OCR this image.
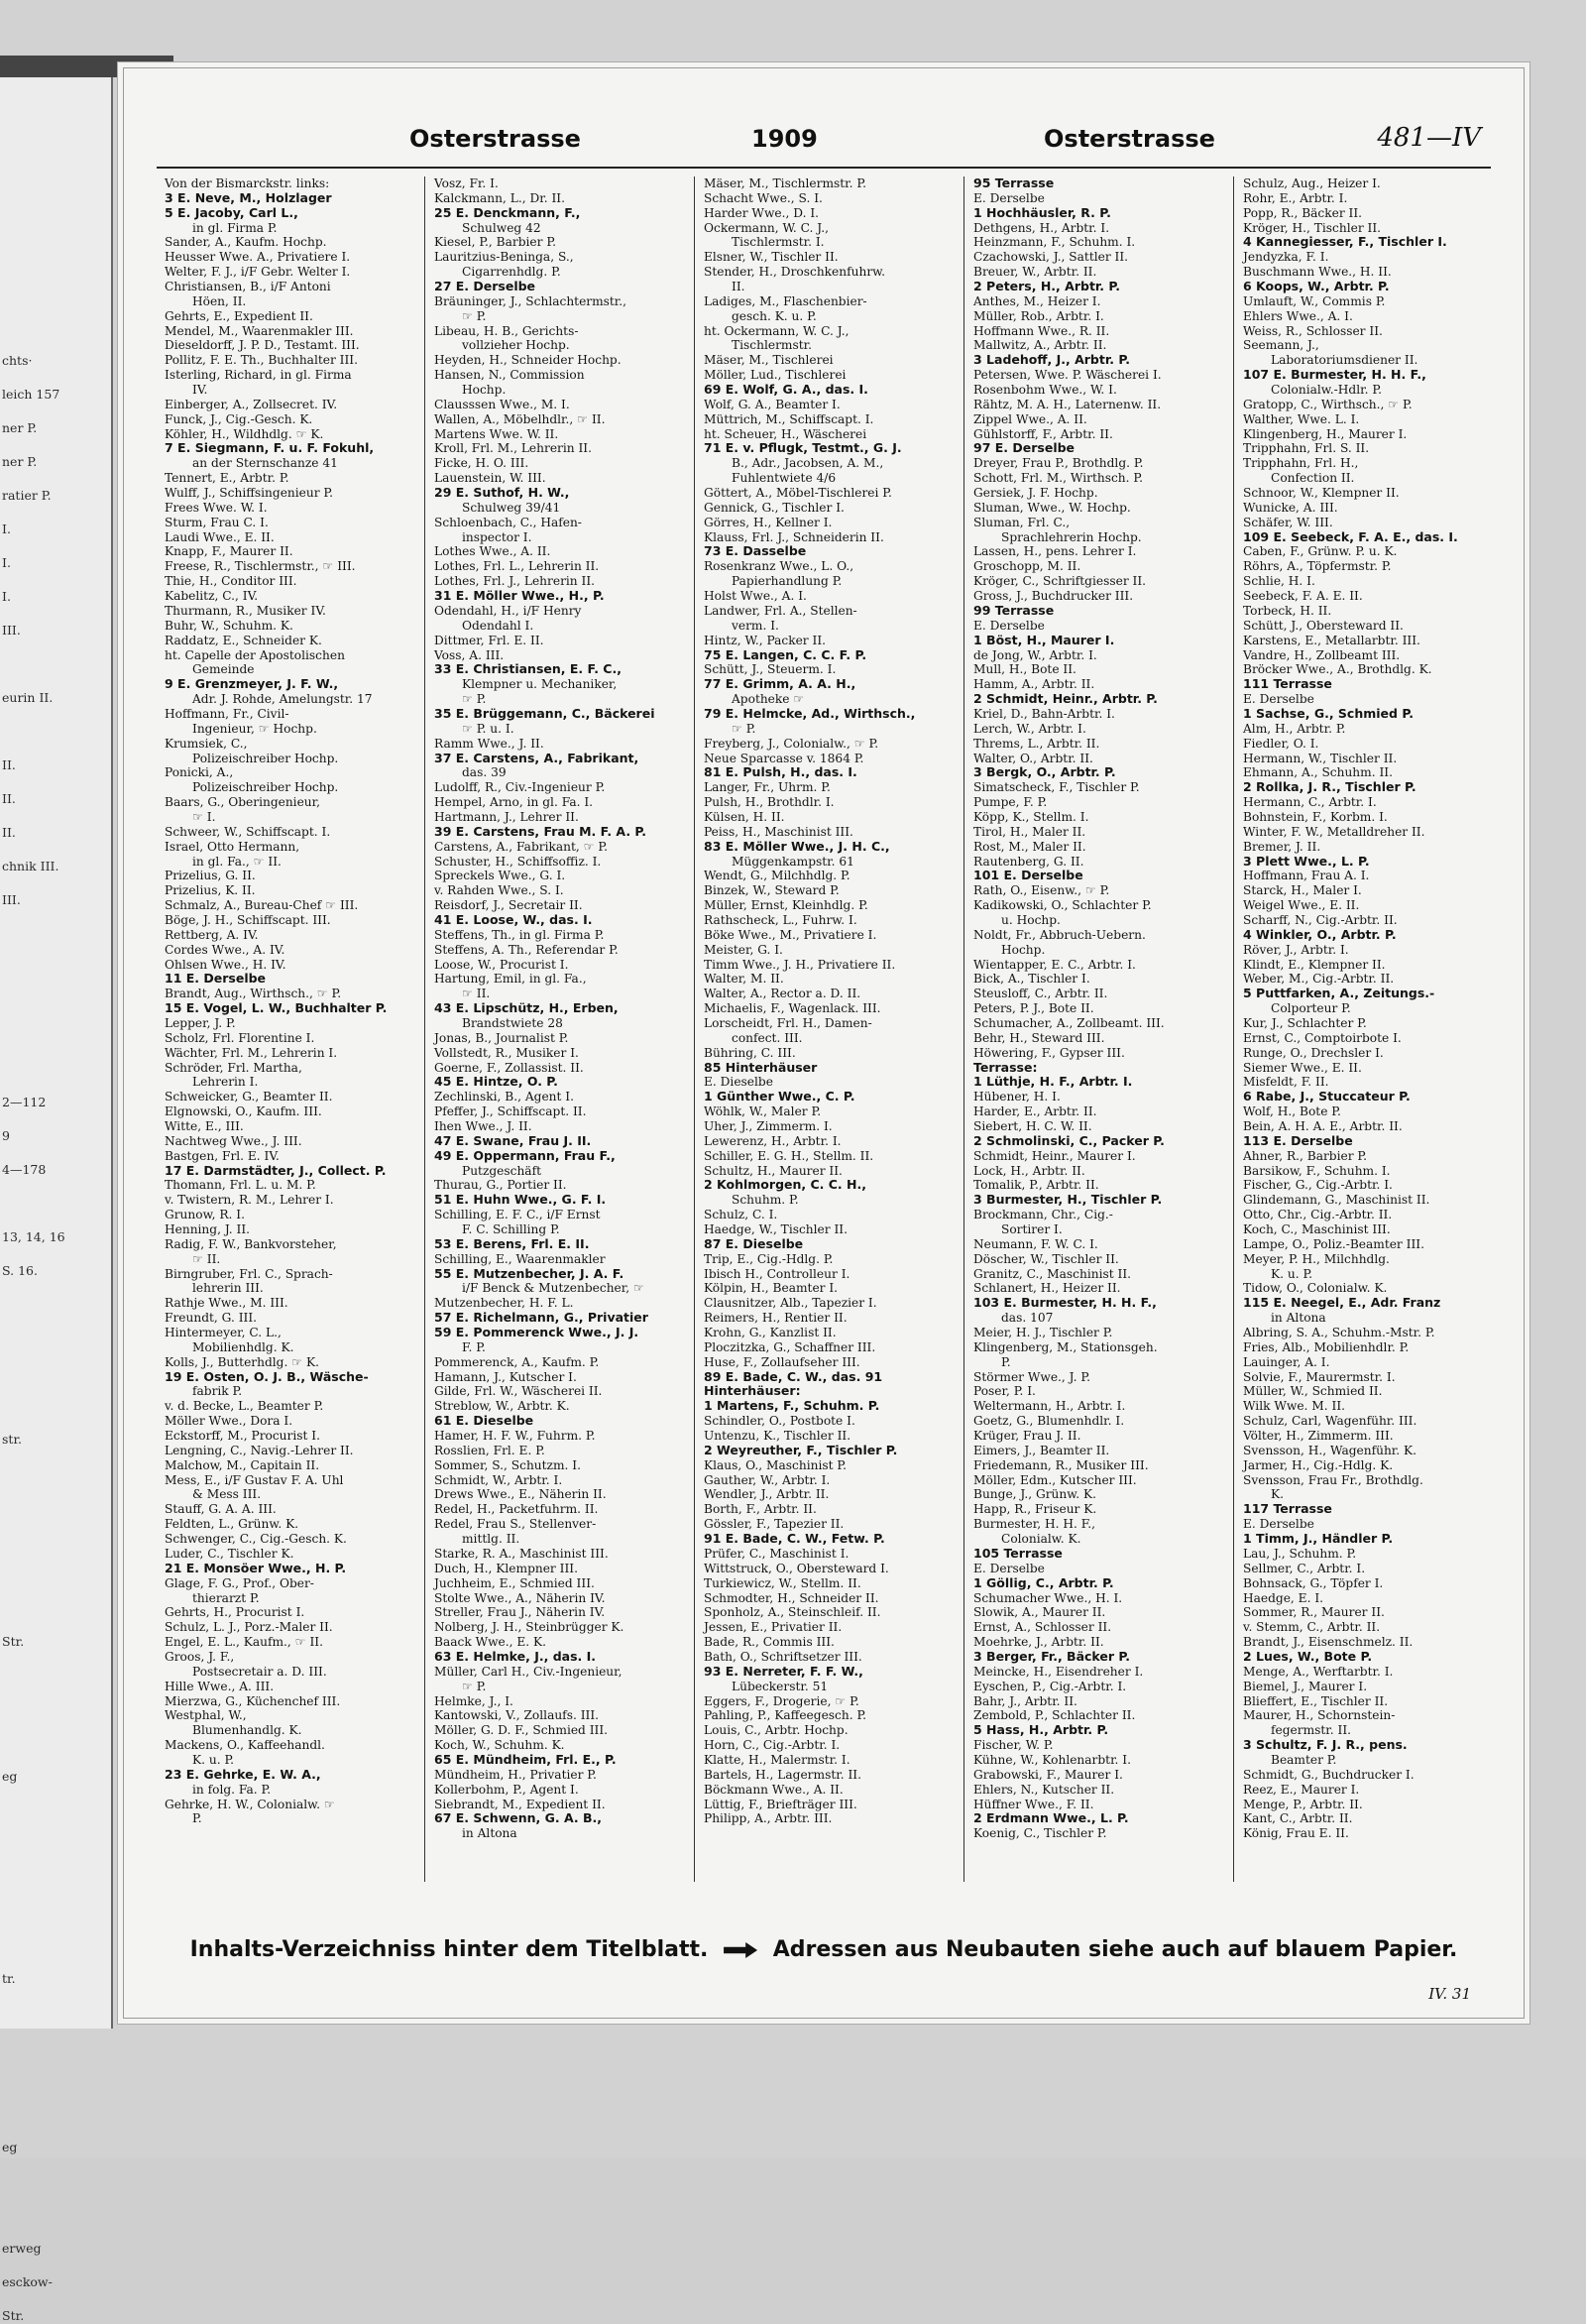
chts·
leich 157
ner P.
ner P.
ratier P.
I.
I.
I.
III.
eurin II.
II.
II.
II.
chnik III.
III.
2—112
9
4—178
13, 14, 16
S. 16.
str.
Str.
eg
tr.
eg
erweg
esckow-
Str.
Osterstrasse	1909	Osterstrasse	481—IV
Von der Bismarckstr. links:
3 E. Neve, M., Holzlager
5 E. Jacoby, Carl L.,
in gl. Firma P.
Sander, A., Kaufm. Hochp.
Heusser Wwe. A., Privatiere I.
Welter, F. J., i/F Gebr. Welter I.
Christiansen, B., i/F Antoni
Höen, II.
Gehrts, E., Expedient II.
Mendel, M., Waarenmakler III.
Dieseldorff, J. P. D., Testamt. III.
Pollitz, F. E. Th., Buchhalter III.
Isterling, Richard, in gl. Firma
IV.
Einberger, A., Zollsecret. IV.
Funck, J., Cig.-Gesch. K.
Köhler, H., Wildhdlg. ☞ K.
7 E. Siegmann, F. u. F. Fokuhl,
an der Sternschanze 41
Tennert, E., Arbtr. P.
Wulff, J., Schiffsingenieur P.
Frees Wwe. W. I.
Sturm, Frau C. I.
Laudi Wwe., E. II.
Knapp, F., Maurer II.
Freese, R., Tischlermstr., ☞ III.
Thie, H., Conditor III.
Kabelitz, C., IV.
Thurmann, R., Musiker IV.
Buhr, W., Schuhm. K.
Raddatz, E., Schneider K.
ht. Capelle der Apostolischen
Gemeinde
9 E. Grenzmeyer, J. F. W.,
Adr. J. Rohde, Amelungstr. 17
Hoffmann, Fr., Civil-
Ingenieur, ☞ Hochp.
Krumsiek, C.,
Polizeischreiber Hochp.
Ponicki, A.,
Polizeischreiber Hochp.
Baars, G., Oberingenieur,
☞ I.
Schweer, W., Schiffscapt. I.
Israel, Otto Hermann,
in gl. Fa., ☞ II.
Prizelius, G. II.
Prizelius, K. II.
Schmalz, A., Bureau-Chef ☞ III.
Böge, J. H., Schiffscapt. III.
Rettberg, A. IV.
Cordes Wwe., A. IV.
Ohlsen Wwe., H. IV.
11 E. Derselbe
Brandt, Aug., Wirthsch., ☞ P.
15 E. Vogel, L. W., Buchhalter P.
Lepper, J. P.
Scholz, Frl. Florentine I.
Wächter, Frl. M., Lehrerin I.
Schröder, Frl. Martha,
Lehrerin I.
Schweicker, G., Beamter II.
Elgnowski, O., Kaufm. III.
Witte, E., III.
Nachtweg Wwe., J. III.
Bastgen, Frl. E. IV.
17 E. Darmstädter, J., Collect. P.
Thomann, Frl. L. u. M. P.
v. Twistern, R. M., Lehrer I.
Grunow, R. I.
Henning, J. II.
Radig, F. W., Bankvorsteher,
☞ II.
Birngruber, Frl. C., Sprach-
lehrerin III.
Rathje Wwe., M. III.
Freundt, G. III.
Hintermeyer, C. L.,
Mobilienhdlg. K.
Kolls, J., Butterhdlg. ☞ K.
19 E. Osten, O. J. B., Wäsche-
fabrik P.
v. d. Becke, L., Beamter P.
Möller Wwe., Dora I.
Eckstorff, M., Procurist I.
Lengning, C., Navig.-Lehrer II.
Malchow, M., Capitain II.
Mess, E., i/F Gustav F. A. Uhl
& Mess III.
Stauff, G. A. A. III.
Feldten, L., Grünw. K.
Schwenger, C., Cig.-Gesch. K.
Luder, C., Tischler K.
21 E. Monsöer Wwe., H. P.
Glage, F. G., Prof., Ober-
thierarzt P.
Gehrts, H., Procurist I.
Schulz, L. J., Porz.-Maler II.
Engel, E. L., Kaufm., ☞ II.
Groos, J. F.,
Postsecretair a. D. III.
Hille Wwe., A. III.
Mierzwa, G., Küchenchef III.
Westphal, W.,
Blumenhandlg. K.
Mackens, O., Kaffeehandl.
K. u. P.
23 E. Gehrke, E. W. A.,
in folg. Fa. P.
Gehrke, H. W., Colonialw. ☞
P.
Vosz, Fr. I.
Kalckmann, L., Dr. II.
25 E. Denckmann, F.,
Schulweg 42
Kiesel, P., Barbier P.
Lauritzius-Beninga, S.,
Cigarrenhdlg. P.
27 E. Derselbe
Bräuninger, J., Schlachtermstr.,
☞ P.
Libeau, H. B., Gerichts-
vollzieher Hochp.
Heyden, H., Schneider Hochp.
Hansen, N., Commission
Hochp.
Clausssen Wwe., M. I.
Wallen, A., Möbelhdlr., ☞ II.
Martens Wwe. W. II.
Kroll, Frl. M., Lehrerin II.
Ficke, H. O. III.
Lauenstein, W. III.
29 E. Suthof, H. W.,
Schulweg 39/41
Schloenbach, C., Hafen-
inspector I.
Lothes Wwe., A. II.
Lothes, Frl. L., Lehrerin II.
Lothes, Frl. J., Lehrerin II.
31 E. Möller Wwe., H., P.
Odendahl, H., i/F Henry
Odendahl I.
Dittmer, Frl. E. II.
Voss, A. III.
33 E. Christiansen, E. F. C.,
Klempner u. Mechaniker,
☞ P.
35 E. Brüggemann, C., Bäckerei
☞ P. u. I.
Ramm Wwe., J. II.
37 E. Carstens, A., Fabrikant,
das. 39
Ludolff, R., Civ.-Ingenieur P.
Hempel, Arno, in gl. Fa. I.
Hartmann, J., Lehrer II.
39 E. Carstens, Frau M. F. A. P.
Carstens, A., Fabrikant, ☞ P.
Schuster, H., Schiffsoffiz. I.
Spreckels Wwe., G. I.
v. Rahden Wwe., S. I.
Reisdorf, J., Secretair II.
41 E. Loose, W., das. I.
Steffens, Th., in gl. Firma P.
Steffens, A. Th., Referendar P.
Loose, W., Procurist I.
Hartung, Emil, in gl. Fa.,
☞ II.
43 E. Lipschütz, H., Erben,
Brandstwiete 28
Jonas, B., Journalist P.
Vollstedt, R., Musiker I.
Goerne, F., Zollassist. II.
45 E. Hintze, O. P.
Zechlinski, B., Agent I.
Pfeffer, J., Schiffscapt. II.
Ihen Wwe., J. II.
47 E. Swane, Frau J. II.
49 E. Oppermann, Frau F.,
Putzgeschäft
Thurau, G., Portier II.
51 E. Huhn Wwe., G. F. I.
Schilling, E. F. C., i/F Ernst
F. C. Schilling P.
53 E. Berens, Frl. E. II.
Schilling, E., Waarenmakler
55 E. Mutzenbecher, J. A. F.
i/F Benck & Mutzenbecher, ☞
Mutzenbecher, H. F. L.
57 E. Richelmann, G., Privatier
59 E. Pommerenck Wwe., J. J.
F. P.
Pommerenck, A., Kaufm. P.
Hamann, J., Kutscher I.
Gilde, Frl. W., Wäscherei II.
Streblow, W., Arbtr. K.
61 E. Dieselbe
Hamer, H. F. W., Fuhrm. P.
Rosslien, Frl. E. P.
Sommer, S., Schutzm. I.
Schmidt, W., Arbtr. I.
Drews Wwe., E., Näherin II.
Redel, H., Packetfuhrm. II.
Redel, Frau S., Stellenver-
mittlg. II.
Starke, R. A., Maschinist III.
Duch, H., Klempner III.
Juchheim, E., Schmied III.
Stolte Wwe., A., Näherin IV.
Streller, Frau J., Näherin IV.
Nolberg, J. H., Steinbrügger K.
Baack Wwe., E. K.
63 E. Helmke, J., das. I.
Müller, Carl H., Civ.-Ingenieur,
☞ P.
Helmke, J., I.
Kantowski, V., Zollaufs. III.
Möller, G. D. F., Schmied III.
Koch, W., Schuhm. K.
65 E. Mündheim, Frl. E., P.
Mündheim, H., Privatier P.
Kollerbohm, P., Agent I.
Siebrandt, M., Expedient II.
67 E. Schwenn, G. A. B.,
in Altona
Mäser, M., Tischlermstr. P.
Schacht Wwe., S. I.
Harder Wwe., D. I.
Ockermann, W. C. J.,
Tischlermstr. I.
Elsner, W., Tischler II.
Stender, H., Droschkenfuhrw.
II.
Ladiges, M., Flaschenbier-
gesch. K. u. P.
ht. Ockermann, W. C. J.,
Tischlermstr.
Mäser, M., Tischlerei
Möller, Lud., Tischlerei
69 E. Wolf, G. A., das. I.
Wolf, G. A., Beamter I.
Müttrich, M., Schiffscapt. I.
ht. Scheuer, H., Wäscherei
71 E. v. Pflugk, Testmt., G. J.
B., Adr., Jacobsen, A. M.,
Fuhlentwiete 4/6
Göttert, A., Möbel-Tischlerei P.
Gennick, G., Tischler I.
Görres, H., Kellner I.
Klauss, Frl. J., Schneiderin II.
73 E. Dasselbe
Rosenkranz Wwe., L. O.,
Papierhandlung P.
Holst Wwe., A. I.
Landwer, Frl. A., Stellen-
verm. I.
Hintz, W., Packer II.
75 E. Langen, C. C. F. P.
Schütt, J., Steuerm. I.
77 E. Grimm, A. A. H.,
Apotheke ☞
79 E. Helmcke, Ad., Wirthsch.,
☞ P.
Freyberg, J., Colonialw., ☞ P.
Neue Sparcasse v. 1864 P.
81 E. Pulsh, H., das. I.
Langer, Fr., Uhrm. P.
Pulsh, H., Brothdlr. I.
Külsen, H. II.
Peiss, H., Maschinist III.
83 E. Möller Wwe., J. H. C.,
Müggenkampstr. 61
Wendt, G., Milchhdlg. P.
Binzek, W., Steward P.
Müller, Ernst, Kleinhdlg. P.
Rathscheck, L., Fuhrw. I.
Böke Wwe., M., Privatiere I.
Meister, G. I.
Timm Wwe., J. H., Privatiere II.
Walter, M. II.
Walter, A., Rector a. D. II.
Michaelis, F., Wagenlack. III.
Lorscheidt, Frl. H., Damen-
confect. III.
Bühring, C. III.
85 Hinterhäuser
E. Dieselbe
1 Günther Wwe., C. P.
Wöhlk, W., Maler P.
Uher, J., Zimmerm. I.
Lewerenz, H., Arbtr. I.
Schiller, E. G. H., Stellm. II.
Schultz, H., Maurer II.
2 Kohlmorgen, C. C. H.,
Schuhm. P.
Schulz, C. I.
Haedge, W., Tischler II.
87 E. Dieselbe
Trip, E., Cig.-Hdlg. P.
Ibisch H., Controlleur I.
Kölpin, H., Beamter I.
Clausnitzer, Alb., Tapezier I.
Reimers, H., Rentier II.
Krohn, G., Kanzlist II.
Ploczitzka, G., Schaffner III.
Huse, F., Zollaufseher III.
89 E. Bade, C. W., das. 91
Hinterhäuser:
1 Martens, F., Schuhm. P.
Schindler, O., Postbote I.
Untenzu, K., Tischler II.
2 Weyreuther, F., Tischler P.
Klaus, O., Maschinist P.
Gauther, W., Arbtr. I.
Wendler, J., Arbtr. II.
Borth, F., Arbtr. II.
Gössler, F., Tapezier II.
91 E. Bade, C. W., Fetw. P.
Prüfer, C., Maschinist I.
Wittstruck, O., Obersteward I.
Turkiewicz, W., Stellm. II.
Schmodter, H., Schneider II.
Sponholz, A., Steinschleif. II.
Jessen, E., Privatier II.
Bade, R., Commis III.
Bath, O., Schriftsetzer III.
93 E. Nerreter, F. F. W.,
Lübeckerstr. 51
Eggers, F., Drogerie, ☞ P.
Pahling, P., Kaffeegesch. P.
Louis, C., Arbtr. Hochp.
Horn, C., Cig.-Arbtr. I.
Klatte, H., Malermstr. I.
Bartels, H., Lagermstr. II.
Böckmann Wwe., A. II.
Lüttig, F., Briefträger III.
Philipp, A., Arbtr. III.
95 Terrasse
E. Derselbe
1 Hochhäusler, R. P.
Dethgens, H., Arbtr. I.
Heinzmann, F., Schuhm. I.
Czachowski, J., Sattler II.
Breuer, W., Arbtr. II.
2 Peters, H., Arbtr. P.
Anthes, M., Heizer I.
Müller, Rob., Arbtr. I.
Hoffmann Wwe., R. II.
Mallwitz, A., Arbtr. II.
3 Ladehoff, J., Arbtr. P.
Petersen, Wwe. P. Wäscherei I.
Rosenbohm Wwe., W. I.
Rähtz, M. A. H., Laternenw. II.
Zippel Wwe., A. II.
Gühlstorff, F., Arbtr. II.
97 E. Derselbe
Dreyer, Frau P., Brothdlg. P.
Schott, Frl. M., Wirthsch. P.
Gersiek, J. F. Hochp.
Sluman, Wwe., W. Hochp.
Sluman, Frl. C.,
Sprachlehrerin Hochp.
Lassen, H., pens. Lehrer I.
Groschopp, M. II.
Kröger, C., Schriftgiesser II.
Gross, J., Buchdrucker III.
99 Terrasse
E. Derselbe
1 Böst, H., Maurer I.
de Jong, W., Arbtr. I.
Mull, H., Bote II.
Hamm, A., Arbtr. II.
2 Schmidt, Heinr., Arbtr. P.
Kriel, D., Bahn-Arbtr. I.
Lerch, W., Arbtr. I.
Threms, L., Arbtr. II.
Walter, O., Arbtr. II.
3 Bergk, O., Arbtr. P.
Simatscheck, F., Tischler P.
Pumpe, F. P.
Köpp, K., Stellm. I.
Tirol, H., Maler II.
Rost, M., Maler II.
Rautenberg, G. II.
101 E. Derselbe
Rath, O., Eisenw., ☞ P.
Kadikowski, O., Schlachter P.
u. Hochp.
Noldt, Fr., Abbruch-Uebern.
Hochp.
Wientapper, E. C., Arbtr. I.
Bick, A., Tischler I.
Steusloff, C., Arbtr. II.
Peters, P. J., Bote II.
Schumacher, A., Zollbeamt. III.
Behr, H., Steward III.
Höwering, F., Gypser III.
Terrasse:
1 Lüthje, H. F., Arbtr. I.
Hübener, H. I.
Harder, E., Arbtr. II.
Siebert, H. C. W. II.
2 Schmolinski, C., Packer P.
Schmidt, Heinr., Maurer I.
Lock, H., Arbtr. II.
Tomalik, P., Arbtr. II.
3 Burmester, H., Tischler P.
Brockmann, Chr., Cig.-
Sortirer I.
Neumann, F. W. C. I.
Döscher, W., Tischler II.
Granitz, C., Maschinist II.
Schlanert, H., Heizer II.
103 E. Burmester, H. H. F.,
das. 107
Meier, H. J., Tischler P.
Klingenberg, M., Stationsgeh.
P.
Störmer Wwe., J. P.
Poser, P. I.
Weltermann, H., Arbtr. I.
Goetz, G., Blumenhdlr. I.
Krüger, Frau J. II.
Eimers, J., Beamter II.
Friedemann, R., Musiker III.
Möller, Edm., Kutscher III.
Bunge, J., Grünw. K.
Happ, R., Friseur K.
Burmester, H. H. F.,
Colonialw. K.
105 Terrasse
E. Derselbe
1 Göllig, C., Arbtr. P.
Schumacher Wwe., H. I.
Slowik, A., Maurer II.
Ernst, A., Schlosser II.
Moehrke, J., Arbtr. II.
3 Berger, Fr., Bäcker P.
Meincke, H., Eisendreher I.
Eyschen, P., Cig.-Arbtr. I.
Bahr, J., Arbtr. II.
Zembold, P., Schlachter II.
5 Hass, H., Arbtr. P.
Fischer, W. P.
Kühne, W., Kohlenarbtr. I.
Grabowski, F., Maurer I.
Ehlers, N., Kutscher II.
Hüffner Wwe., F. II.
2 Erdmann Wwe., L. P.
Koenig, C., Tischler P.
Schulz, Aug., Heizer I.
Rohr, E., Arbtr. I.
Popp, R., Bäcker II.
Kröger, H., Tischler II.
4 Kannegiesser, F., Tischler I.
Jendyzka, F. I.
Buschmann Wwe., H. II.
6 Koops, W., Arbtr. P.
Umlauft, W., Commis P.
Ehlers Wwe., A. I.
Weiss, R., Schlosser II.
Seemann, J.,
Laboratoriumsdiener II.
107 E. Burmester, H. H. F.,
Colonialw.-Hdlr. P.
Gratopp, C., Wirthsch., ☞ P.
Walther, Wwe. L. I.
Klingenberg, H., Maurer I.
Tripphahn, Frl. S. II.
Tripphahn, Frl. H.,
Confection II.
Schnoor, W., Klempner II.
Wunicke, A. III.
Schäfer, W. III.
109 E. Seebeck, F. A. E., das. I.
Caben, F., Grünw. P. u. K.
Röhrs, A., Töpfermstr. P.
Schlie, H. I.
Seebeck, F. A. E. II.
Torbeck, H. II.
Schütt, J., Obersteward II.
Karstens, E., Metallarbtr. III.
Vandre, H., Zollbeamt III.
Bröcker Wwe., A., Brothdlg. K.
111 Terrasse
E. Derselbe
1 Sachse, G., Schmied P.
Alm, H., Arbtr. P.
Fiedler, O. I.
Hermann, W., Tischler II.
Ehmann, A., Schuhm. II.
2 Rollka, J. R., Tischler P.
Hermann, C., Arbtr. I.
Bohnstein, F., Korbm. I.
Winter, F. W., Metalldreher II.
Bremer, J. II.
3 Plett Wwe., L. P.
Hoffmann, Frau A. I.
Starck, H., Maler I.
Weigel Wwe., E. II.
Scharff, N., Cig.-Arbtr. II.
4 Winkler, O., Arbtr. P.
Röver, J., Arbtr. I.
Klindt, E., Klempner II.
Weber, M., Cig.-Arbtr. II.
5 Puttfarken, A., Zeitungs.-
Colporteur P.
Kur, J., Schlachter P.
Ernst, C., Comptoirbote I.
Runge, O., Drechsler I.
Siemer Wwe., E. II.
Misfeldt, F. II.
6 Rabe, J., Stuccateur P.
Wolf, H., Bote P.
Bein, A. H. A. E., Arbtr. II.
113 E. Derselbe
Ahner, R., Barbier P.
Barsikow, F., Schuhm. I.
Fischer, G., Cig.-Arbtr. I.
Glindemann, G., Maschinist II.
Otto, Chr., Cig.-Arbtr. II.
Koch, C., Maschinist III.
Lampe, O., Poliz.-Beamter III.
Meyer, P. H., Milchhdlg.
K. u. P.
Tidow, O., Colonialw. K.
115 E. Neegel, E., Adr. Franz
in Altona
Albring, S. A., Schuhm.-Mstr. P.
Fries, Alb., Mobilienhdlr. P.
Lauinger, A. I.
Solvie, F., Maurermstr. I.
Müller, W., Schmied II.
Wilk Wwe. M. II.
Schulz, Carl, Wagenführ. III.
Völter, H., Zimmerm. III.
Svensson, H., Wagenführ. K.
Jarmer, H., Cig.-Hdlg. K.
Svensson, Frau Fr., Brothdlg.
K.
117 Terrasse
E. Derselbe
1 Timm, J., Händler P.
Lau, J., Schuhm. P.
Sellmer, C., Arbtr. I.
Bohnsack, G., Töpfer I.
Haedge, E. I.
Sommer, R., Maurer II.
v. Stemm, C., Arbtr. II.
Brandt, J., Eisenschmelz. II.
2 Lues, W., Bote P.
Menge, A., Werftarbtr. I.
Biemel, J., Maurer I.
Blieffert, E., Tischler II.
Maurer, H., Schornstein-
fegermstr. II.
3 Schultz, F. J. R., pens.
Beamter P.
Schmidt, G., Buchdrucker I.
Reez, E., Maurer I.
Menge, P., Arbtr. II.
Kant, C., Arbtr. II.
König, Frau E. II.
Inhalts-Verzeichniss hinter dem Titelblatt.	Adressen aus Neubauten siehe auch auf blauem Papier.
IV. 31
